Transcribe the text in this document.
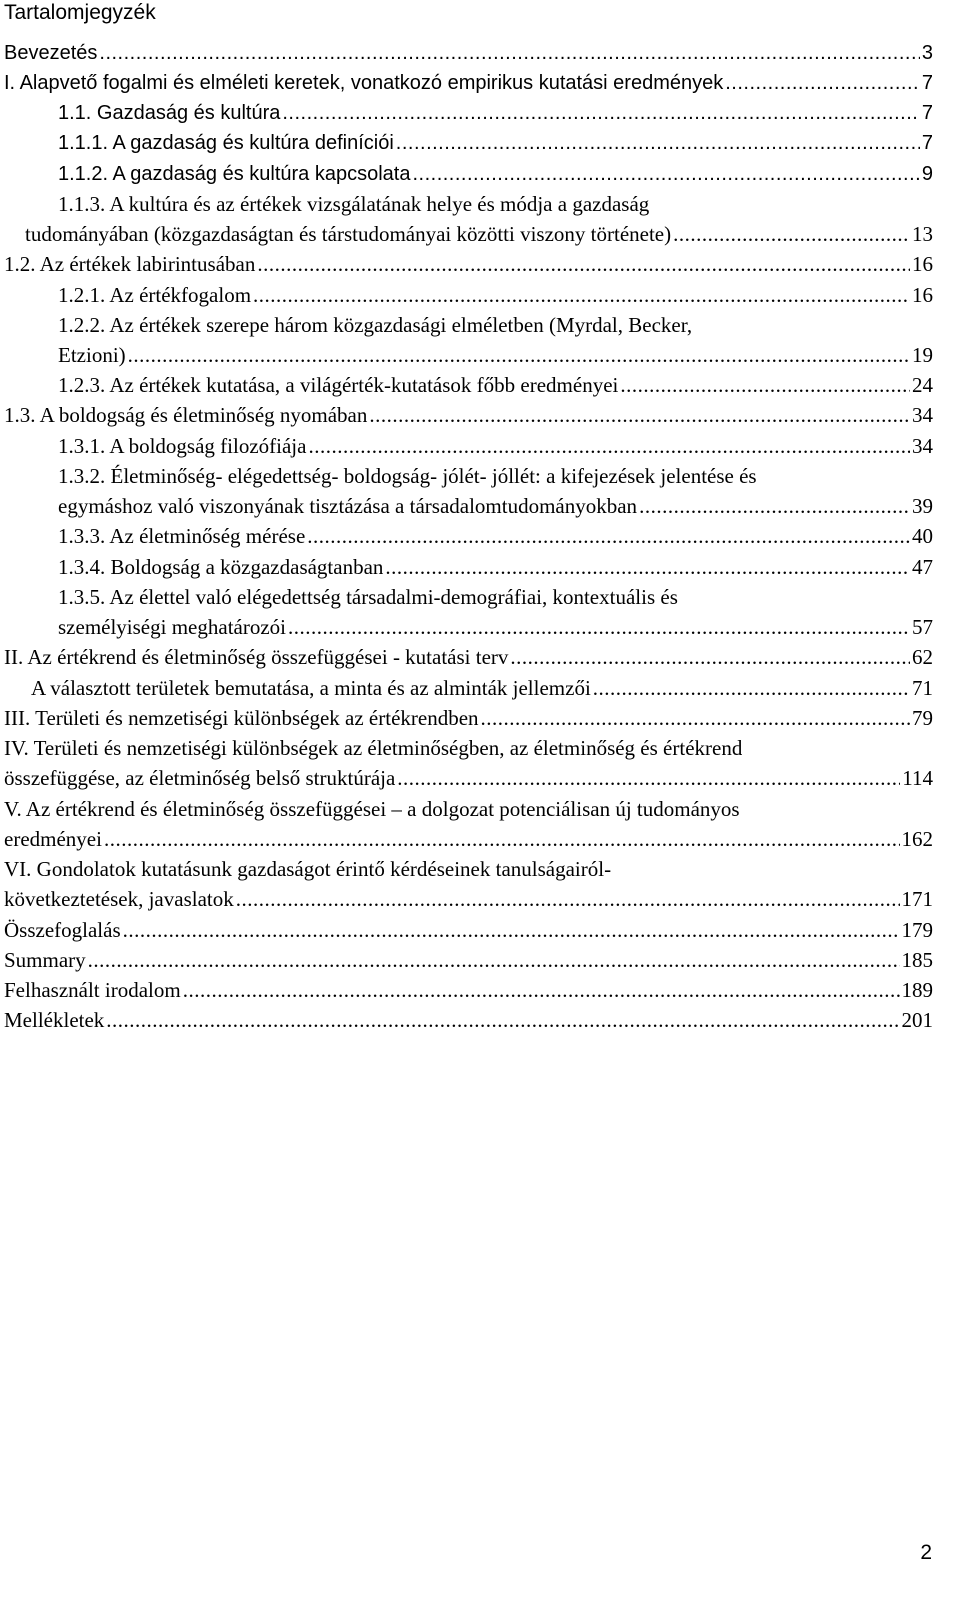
Tartalomjegyzék
Bevezetés .....	3
I. Alapvető fogalmi és elméleti keretek, vonatkozó empirikus kutatási eredmények .....	7
1.1. Gazdaság és kultúra .....	7
1.1.1. A gazdaság és kultúra definíciói .....	7
1.1.2. A gazdaság és kultúra kapcsolata .....	9
1.1.3. A kultúra és az értékek vizsgálatának helye és módja a gazdaság
tudományában (közgazdaságtan és társtudományai közötti viszony története) .....	13
1.2. Az értékek labirintusában .....	16
1.2.1. Az értékfogalom .....	16
1.2.2. Az értékek szerepe három közgazdasági elméletben (Myrdal, Becker,
Etzioni) .....	19
1.2.3. Az értékek kutatása, a világérték-kutatások főbb eredményei .....	24
1.3. A boldogság és életminőség nyomában .....	34
1.3.1. A boldogság filozófiája .....	34
1.3.2. Életminőség- elégedettség- boldogság- jólét- jóllét: a kifejezések jelentése és
egymáshoz való viszonyának tisztázása a társadalomtudományokban .....	39
1.3.3. Az életminőség mérése .....	40
1.3.4. Boldogság a közgazdaságtanban .....	47
1.3.5. Az élettel való elégedettség társadalmi-demográfiai, kontextuális és
személyiségi meghatározói .....	57
II. Az értékrend és életminőség összefüggései - kutatási terv .....	62
A választott területek bemutatása, a minta és az alminták jellemzői .....	71
III. Területi és nemzetiségi különbségek az értékrendben .....	79
IV. Területi és nemzetiségi különbségek az életminőségben, az életminőség és értékrend
összefüggése, az életminőség belső struktúrája .....	114
V. Az értékrend és életminőség összefüggései – a dolgozat potenciálisan új tudományos
eredményei .....	162
VI. Gondolatok kutatásunk gazdaságot érintő kérdéseinek tanulságairól-
következtetések, javaslatok .....	171
Összefoglalás .....	179
Summary .....	185
Felhasznált irodalom .....	189
Mellékletek .....	201
2
